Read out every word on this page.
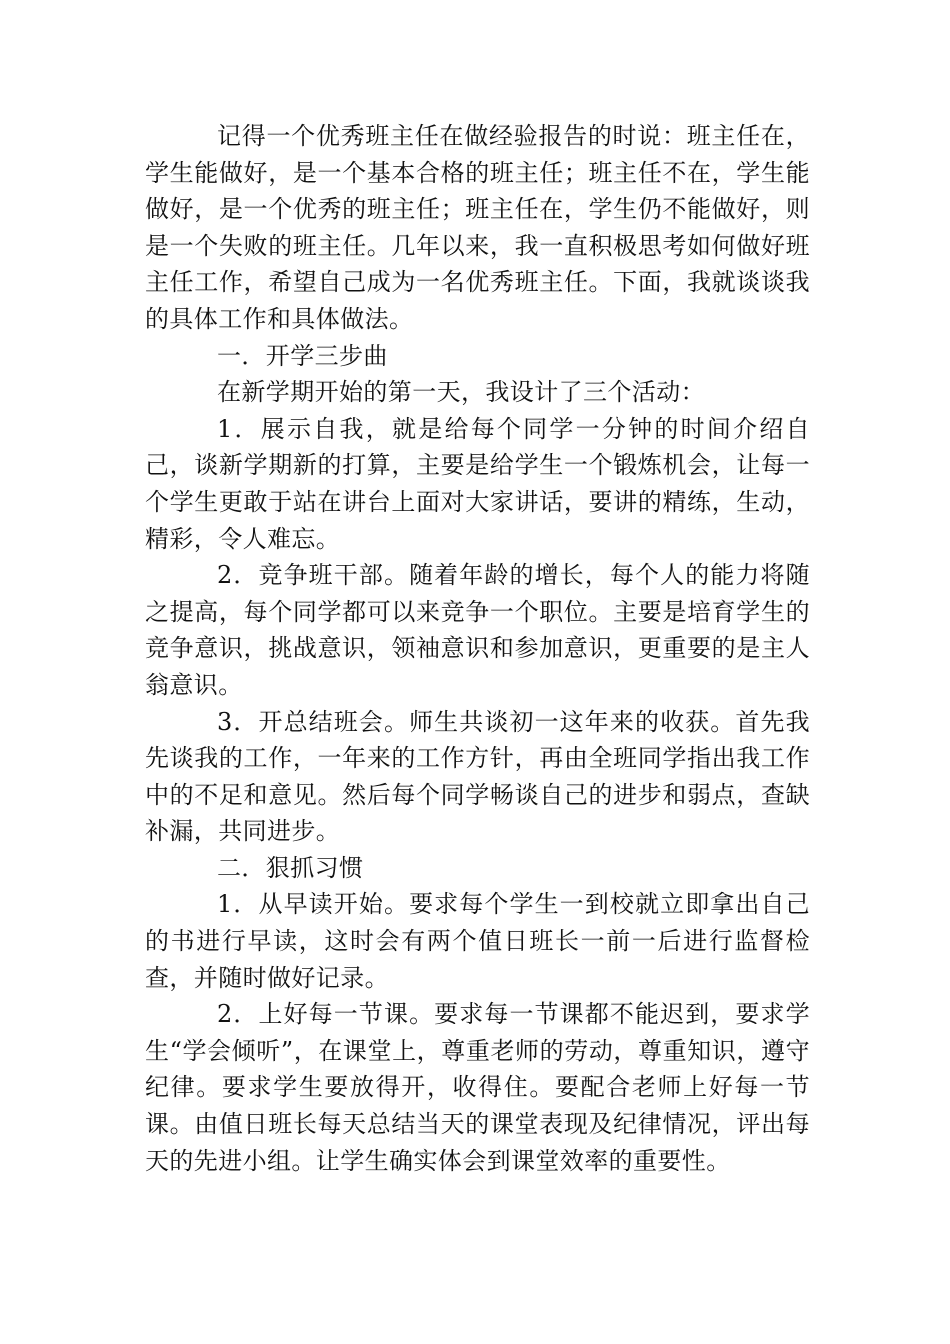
记得一个优秀班主任在做经验报告的时说：班主任在，学生能做好，是一个基本合格的班主任；班主任不在，学生能做好，是一个优秀的班主任；班主任在，学生仍不能做好，则是一个失败的班主任。几年以来，我一直积极思考如何做好班主任工作，希望自己成为一名优秀班主任。下面，我就谈谈我的具体工作和具体做法。

一．开学三步曲

在新学期开始的第一天，我设计了三个活动：

1．展示自我，就是给每个同学一分钟的时间介绍自己，谈新学期新的打算，主要是给学生一个锻炼机会，让每一个学生更敢于站在讲台上面对大家讲话，要讲的精练，生动，精彩，令人难忘。

2．竞争班干部。随着年龄的增长，每个人的能力将随之提高，每个同学都可以来竞争一个职位。主要是培育学生的竞争意识，挑战意识，领袖意识和参加意识，更重要的是主人翁意识。

3．开总结班会。师生共谈初一这年来的收获。首先我先谈我的工作，一年来的工作方针，再由全班同学指出我工作中的不足和意见。然后每个同学畅谈自己的进步和弱点，查缺补漏，共同进步。

二．狠抓习惯

1．从早读开始。要求每个学生一到校就立即拿出自己的书进行早读，这时会有两个值日班长一前一后进行监督检查，并随时做好记录。

2．上好每一节课。要求每一节课都不能迟到，要求学生“学会倾听”，在课堂上，尊重老师的劳动，尊重知识，遵守纪律。要求学生要放得开，收得住。要配合老师上好每一节课。由值日班长每天总结当天的课堂表现及纪律情况，评出每天的先进小组。让学生确实体会到课堂效率的重要性。
